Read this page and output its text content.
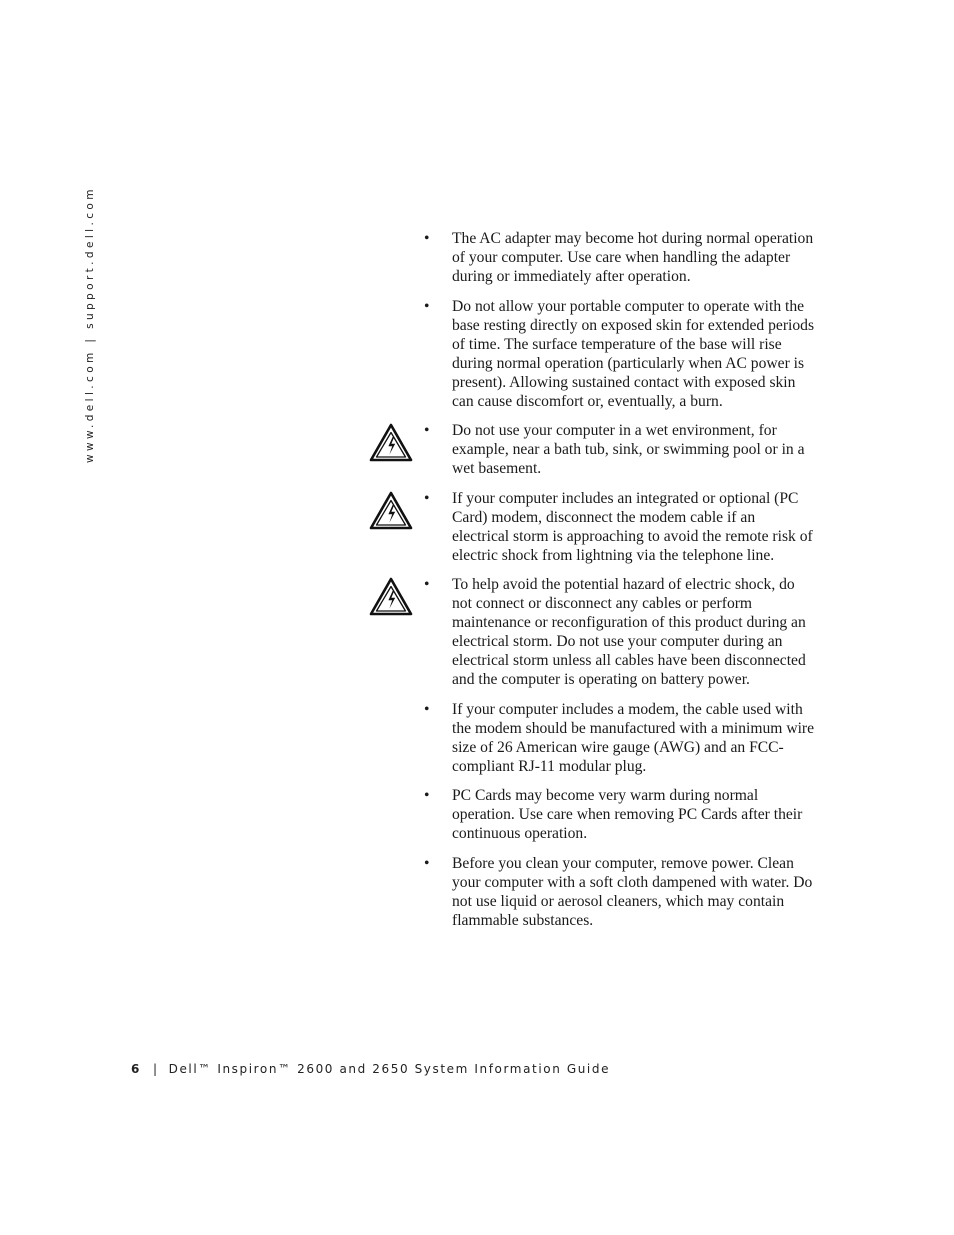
www.dell.com | support.dell.com	• The AC adapter may become hot during normal operation of your computer. Use care when handling the adapter during or immediately after operation.
• Do not allow your portable computer to operate with the base resting directly on exposed skin for extended periods of time. The surface temperature of the base will rise during normal operation (particularly when AC power is present). Allowing sustained contact with exposed skin can cause discomfort or, eventually, a burn.
• Do not use your computer in a wet environment, for example, near a bath tub, sink, or swimming pool or in a wet basement.
• If your computer includes an integrated or optional (PC Card) modem, disconnect the modem cable if an electrical storm is approaching to avoid the remote risk of electric shock from lightning via the telephone line.
• To help avoid the potential hazard of electric shock, do not connect or disconnect any cables or perform maintenance or reconfiguration of this product during an electrical storm. Do not use your computer during an electrical storm unless all cables have been disconnected and the computer is operating on battery power.
• If your computer includes a modem, the cable used with the modem should be manufactured with a minimum wire size of 26 American wire gauge (AWG) and an FCC-compliant RJ-11 modular plug.
• PC Cards may become very warm during normal operation. Use care when removing PC Cards after their continuous operation.
• Before you clean your computer, remove power. Clean your computer with a soft cloth dampened with water. Do not use liquid or aerosol cleaners, which may contain flammable substances.
6 | Dell™ Inspiron™ 2600 and 2650 System Information Guide
